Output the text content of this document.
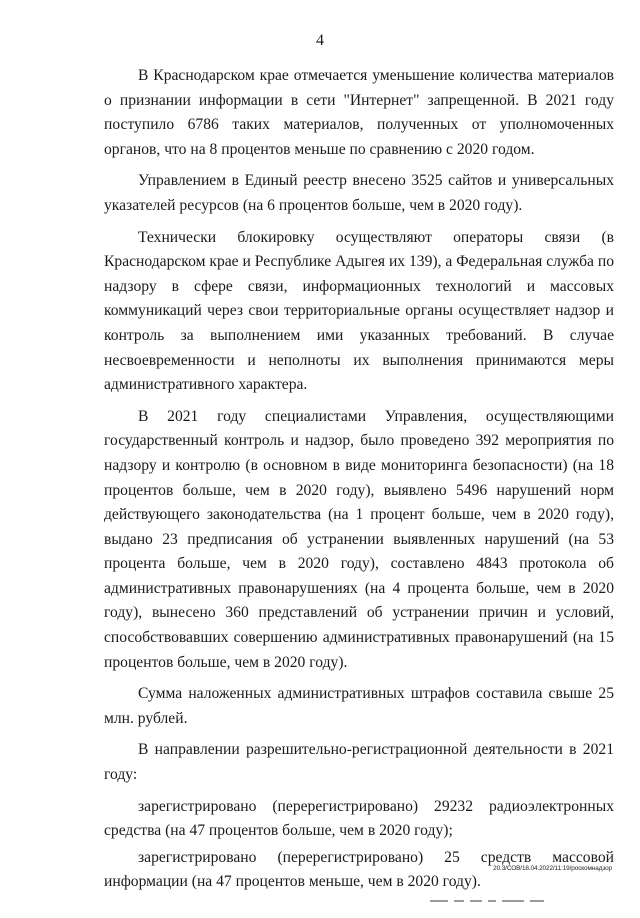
4

В Краснодарском крае отмечается уменьшение количества материалов о признании информации в сети "Интернет" запрещенной. В 2021 году поступило 6786 таких материалов, полученных от уполномоченных органов, что на 8 процентов меньше по сравнению с 2020 годом.

Управлением в Единый реестр внесено 3525 сайтов и универсальных указателей ресурсов (на 6 процентов больше, чем в 2020 году).

Технически блокировку осуществляют операторы связи (в Краснодарском крае и Республике Адыгея их 139), а Федеральная служба по надзору в сфере связи, информационных технологий и массовых коммуникаций через свои территориальные органы осуществляет надзор и контроль за выполнением ими указанных требований. В случае несвоевременности и неполноты их выполнения принимаются меры административного характера.

В 2021 году специалистами Управления, осуществляющими государственный контроль и надзор, было проведено 392 мероприятия по надзору и контролю (в основном в виде мониторинга безопасности) (на 18 процентов больше, чем в 2020 году), выявлено 5496 нарушений норм действующего законодательства (на 1 процент больше, чем в 2020 году), выдано 23 предписания об устранении выявленных нарушений (на 53 процента больше, чем в 2020 году), составлено 4843 протокола об административных правонарушениях (на 4 процента больше, чем в 2020 году), вынесено 360 представлений об устранении причин и условий, способствовавших совершению административных правонарушений (на 15 процентов больше, чем в 2020 году).

Сумма наложенных административных штрафов составила свыше 25 млн. рублей.

В направлении разрешительно-регистрационной деятельности в 2021 году:

зарегистрировано (перерегистрировано) 29232 радиоэлектронных средства (на 47 процентов больше, чем в 2020 году);

зарегистрировано (перерегистрировано) 25 средств массовой информации (на 47 процентов меньше, чем в 2020 году).

20.3/СОВ/18.04.2022/11:19/роскомнадзор
